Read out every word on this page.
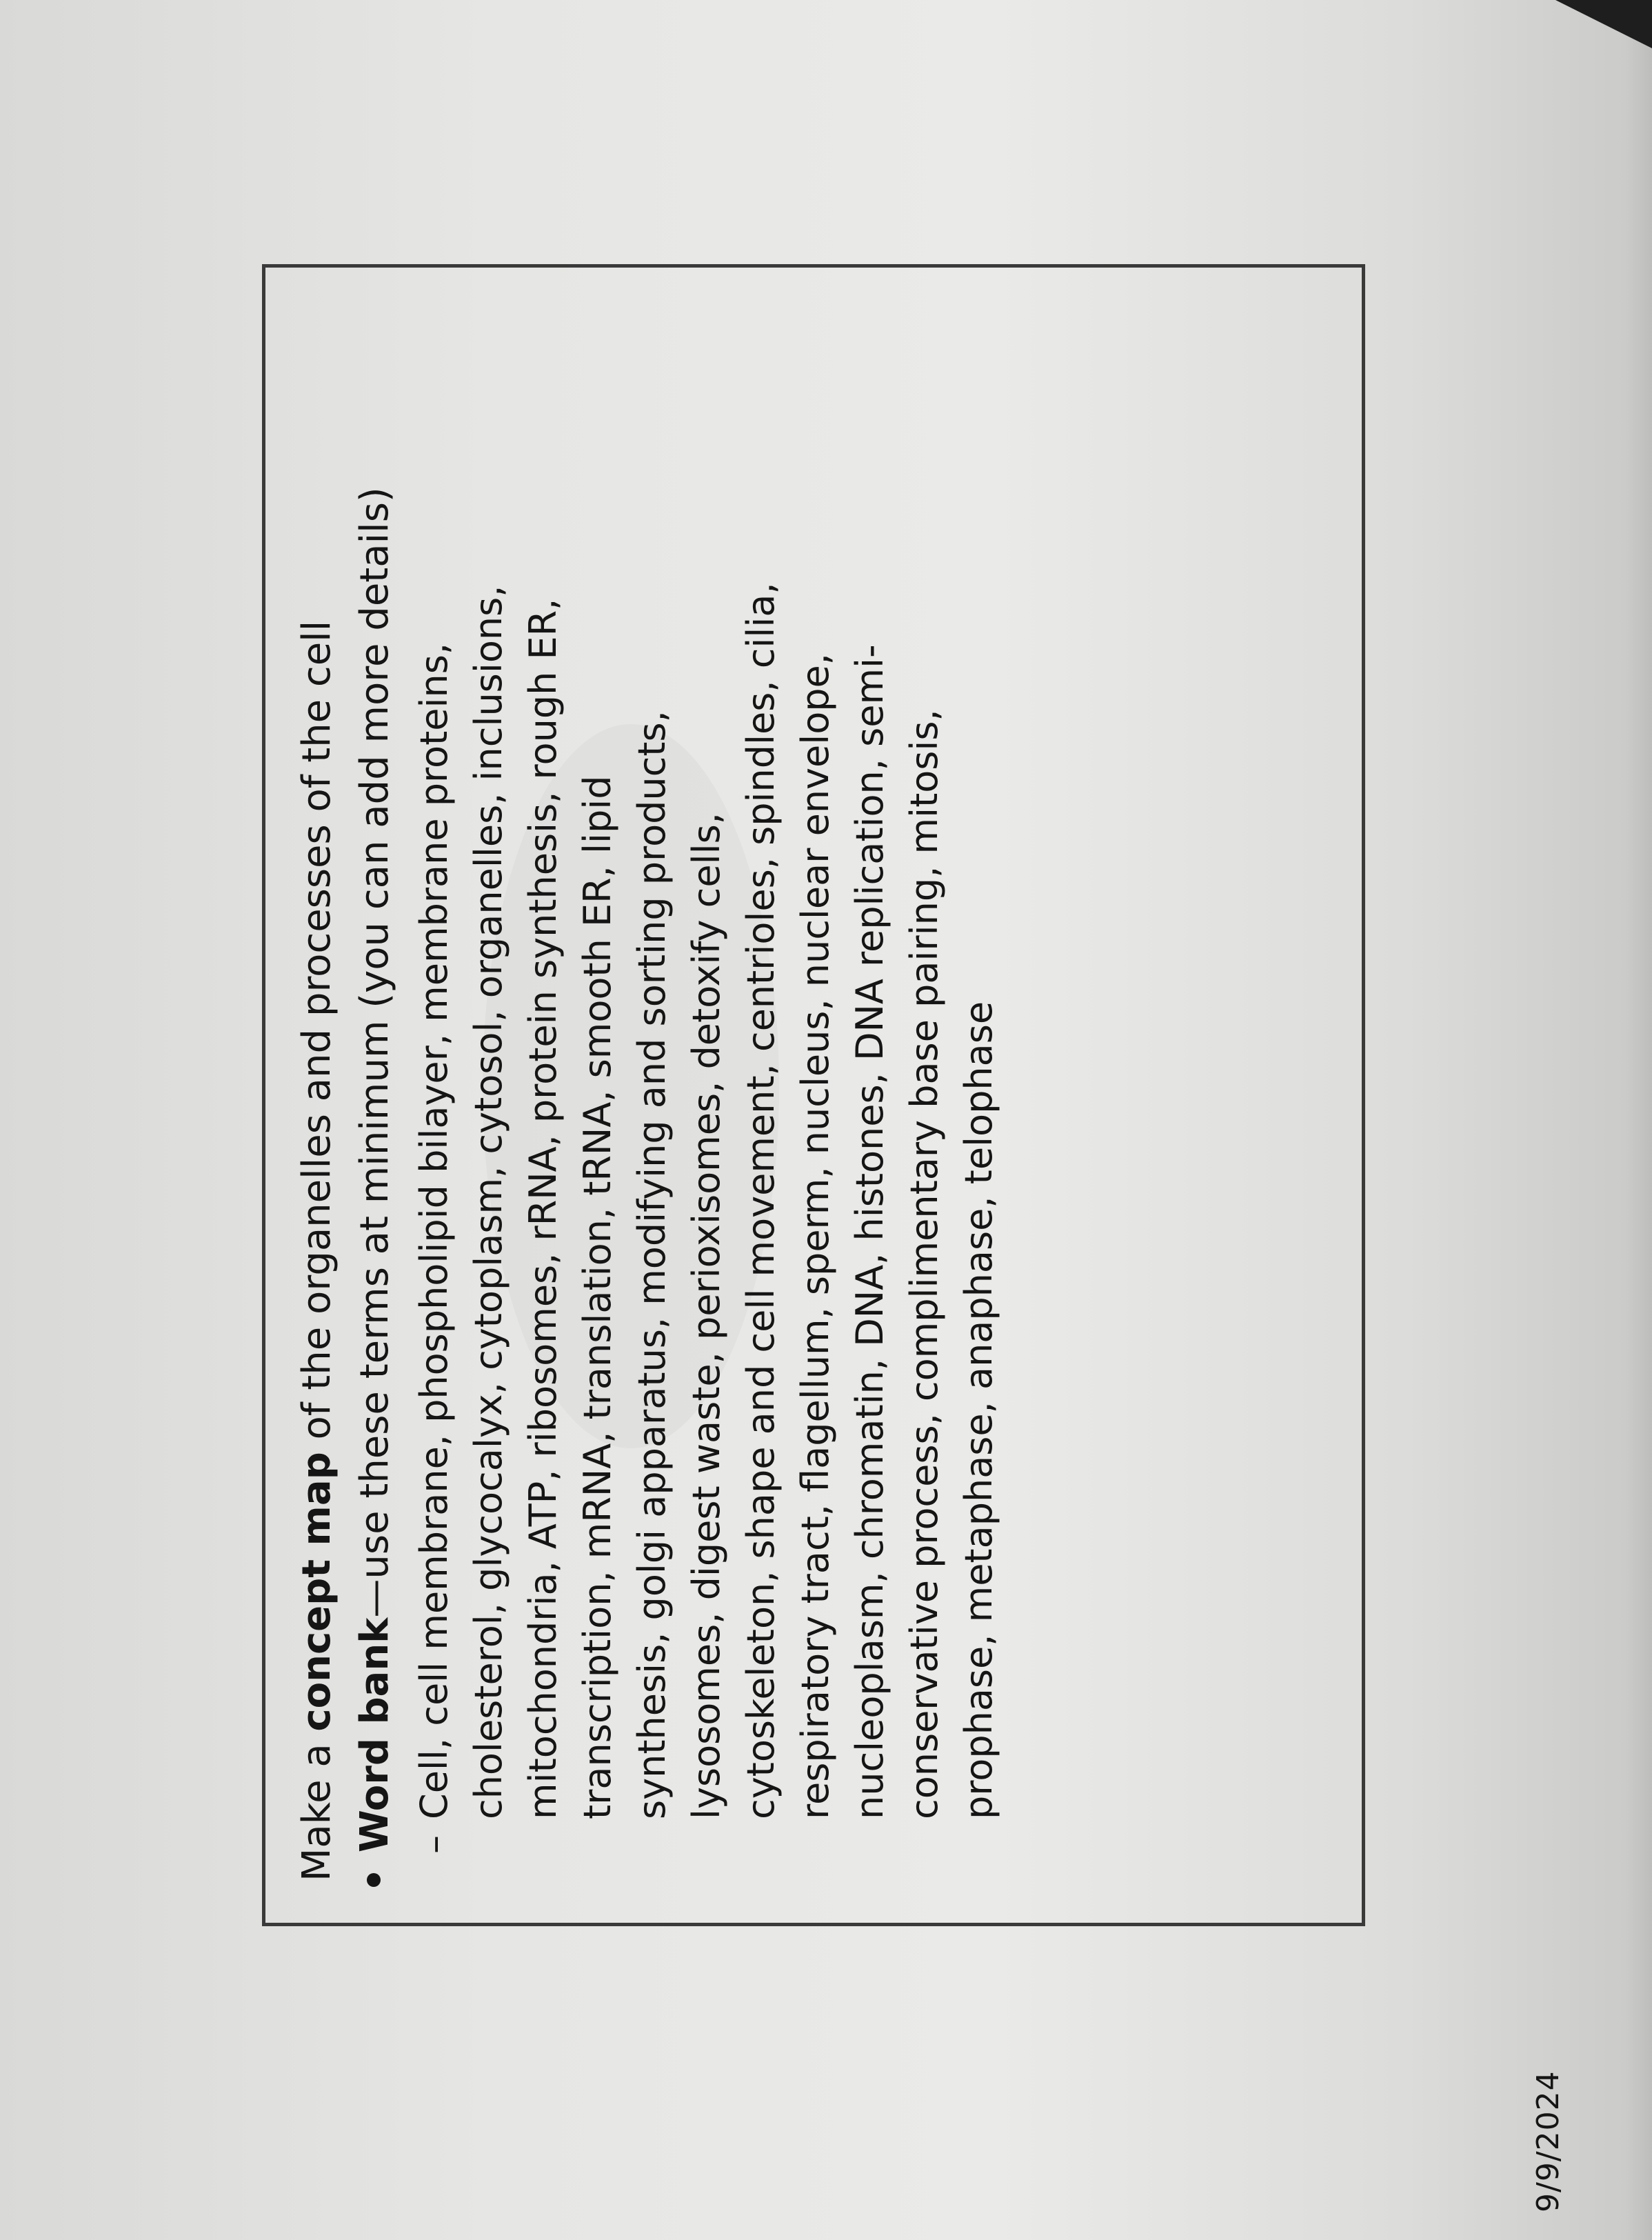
9/9/2024

Make a concept map of the organelles and processes of the cell

Word bank—use these terms at minimum (you can add more details)
–
Cell, cell membrane, phospholipid bilayer, membrane proteins, cholesterol, glycocalyx, cytoplasm, cytosol, organelles, inclusions, mitochondria, ATP, ribosomes, rRNA, protein synthesis, rough ER, transcription, mRNA, translation, tRNA, smooth ER, lipid synthesis, golgi apparatus, modifying and sorting products, lysosomes, digest waste, perioxisomes, detoxify cells, cytoskeleton, shape and cell movement, centrioles, spindles, cilia, respiratory tract, flagellum, sperm, nucleus, nuclear envelope, nucleoplasm, chromatin, DNA, histones, DNA replication, semi-conservative process, complimentary base pairing, mitosis, prophase, metaphase, anaphase, telophase
